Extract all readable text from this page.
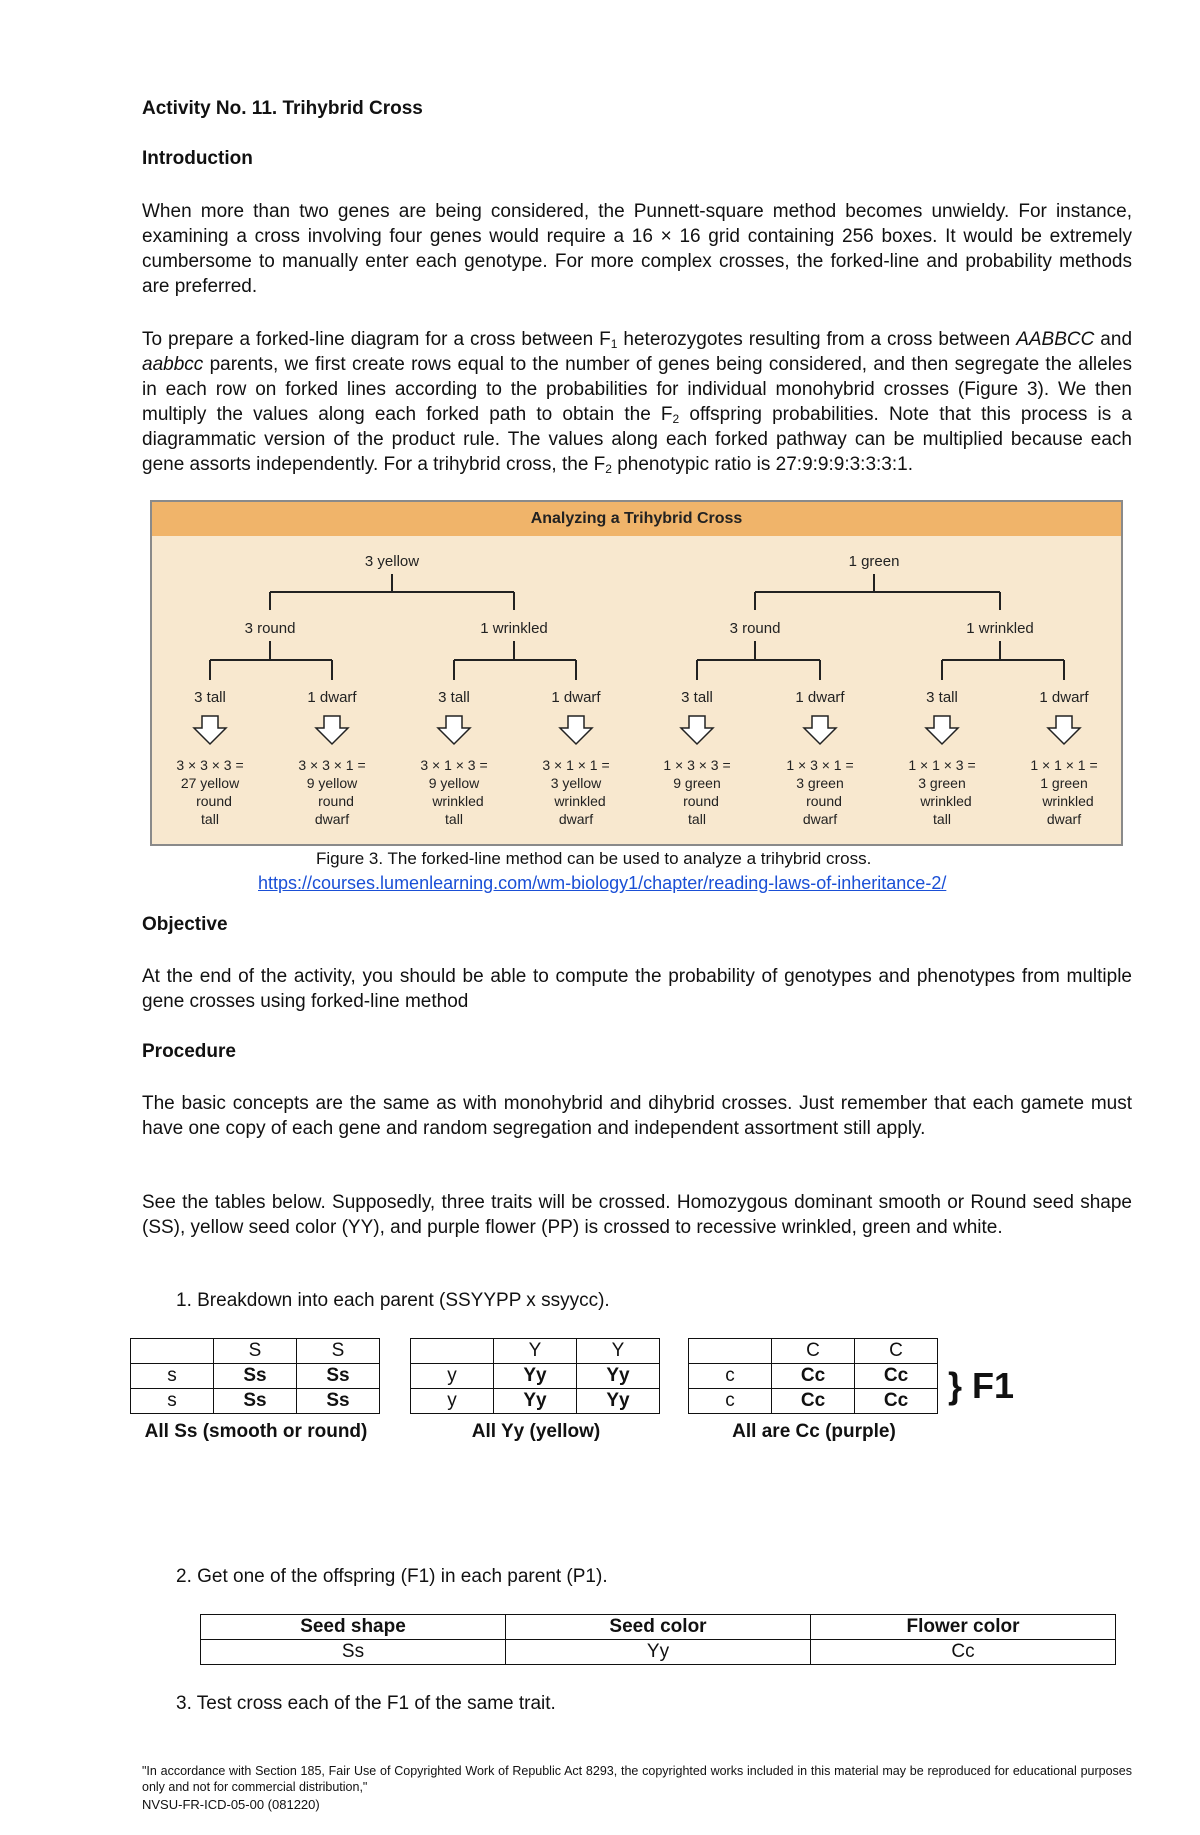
Activity No. 11. Trihybrid Cross
Introduction
When more than two genes are being considered, the Punnett-square method becomes unwieldy. For instance, examining a cross involving four genes would require a 16 × 16 grid containing 256 boxes. It would be extremely cumbersome to manually enter each genotype. For more complex crosses, the forked-line and probability methods are preferred.
To prepare a forked-line diagram for a cross between $F_1$ heterozygotes resulting from a cross between AABBCC and aabbcc parents, we first create rows equal to the number of genes being considered, and then segregate the alleles in each row on forked lines according to the probabilities for individual monohybrid crosses (Figure 3). We then multiply the values along each forked path to obtain the $F_2$ offspring probabilities. Note that this process is a diagrammatic version of the product rule. The values along each forked pathway can be multiplied because each gene assorts independently. For a trihybrid cross, the $F_2$ phenotypic ratio is 27:9:9:9:3:3:3:1.
Analyzing a Trihybrid Cross
3 yellow	1 green
3 round	1 wrinkled	3 round	1 wrinkled
3 tall
3 × 3 × 3 =
27 yellow
round
tall
1 dwarf
3 × 3 × 1 =
9 yellow
round
dwarf
3 tall
3 × 1 × 3 =
9 yellow
wrinkled
tall
1 dwarf
3 × 1 × 1 =
3 yellow
wrinkled
dwarf
3 tall
1 × 3 × 3 =
9 green
round
tall
1 dwarf
1 × 3 × 1 =
3 green
round
dwarf
3 tall
1 × 1 × 3 =
3 green
wrinkled
tall
1 dwarf
1 × 1 × 1 =
1 green
wrinkled
dwarf
Figure 3. The forked-line method can be used to analyze a trihybrid cross.
https://courses.lumenlearning.com/wm-biology1/chapter/reading-laws-of-inheritance-2/
Objective
At the end of the activity, you should be able to compute the probability of genotypes and phenotypes from multiple gene crosses using forked-line method
Procedure
The basic concepts are the same as with monohybrid and dihybrid crosses. Just remember that each gamete must have one copy of each gene and random segregation and independent assortment still apply.
See the tables below. Supposedly, three traits will be crossed. Homozygous dominant smooth or Round seed shape (SS), yellow seed color (YY), and purple flower (PP) is crossed to recessive wrinkled, green and white.
1. Breakdown into each parent (SSYYPP x ssyycc).
	S	S
s	Ss	Ss
s	Ss	Ss
All Ss (smooth or round)
	Y	Y
y	Yy	Yy
y	Yy	Yy
All Yy (yellow)
	C	C
c	Cc	Cc
c	Cc	Cc
All are Cc (purple)
} F1
2. Get one of the offspring (F1) in each parent (P1).
Seed shape	Seed color	Flower color
Ss	Yy	Cc
3. Test cross each of the F1 of the same trait.
"In accordance with Section 185, Fair Use of Copyrighted Work of Republic Act 8293, the copyrighted works included in this material may be reproduced for educational purposes only and not for commercial distribution,"
NVSU-FR-ICD-05-00 (081220)
